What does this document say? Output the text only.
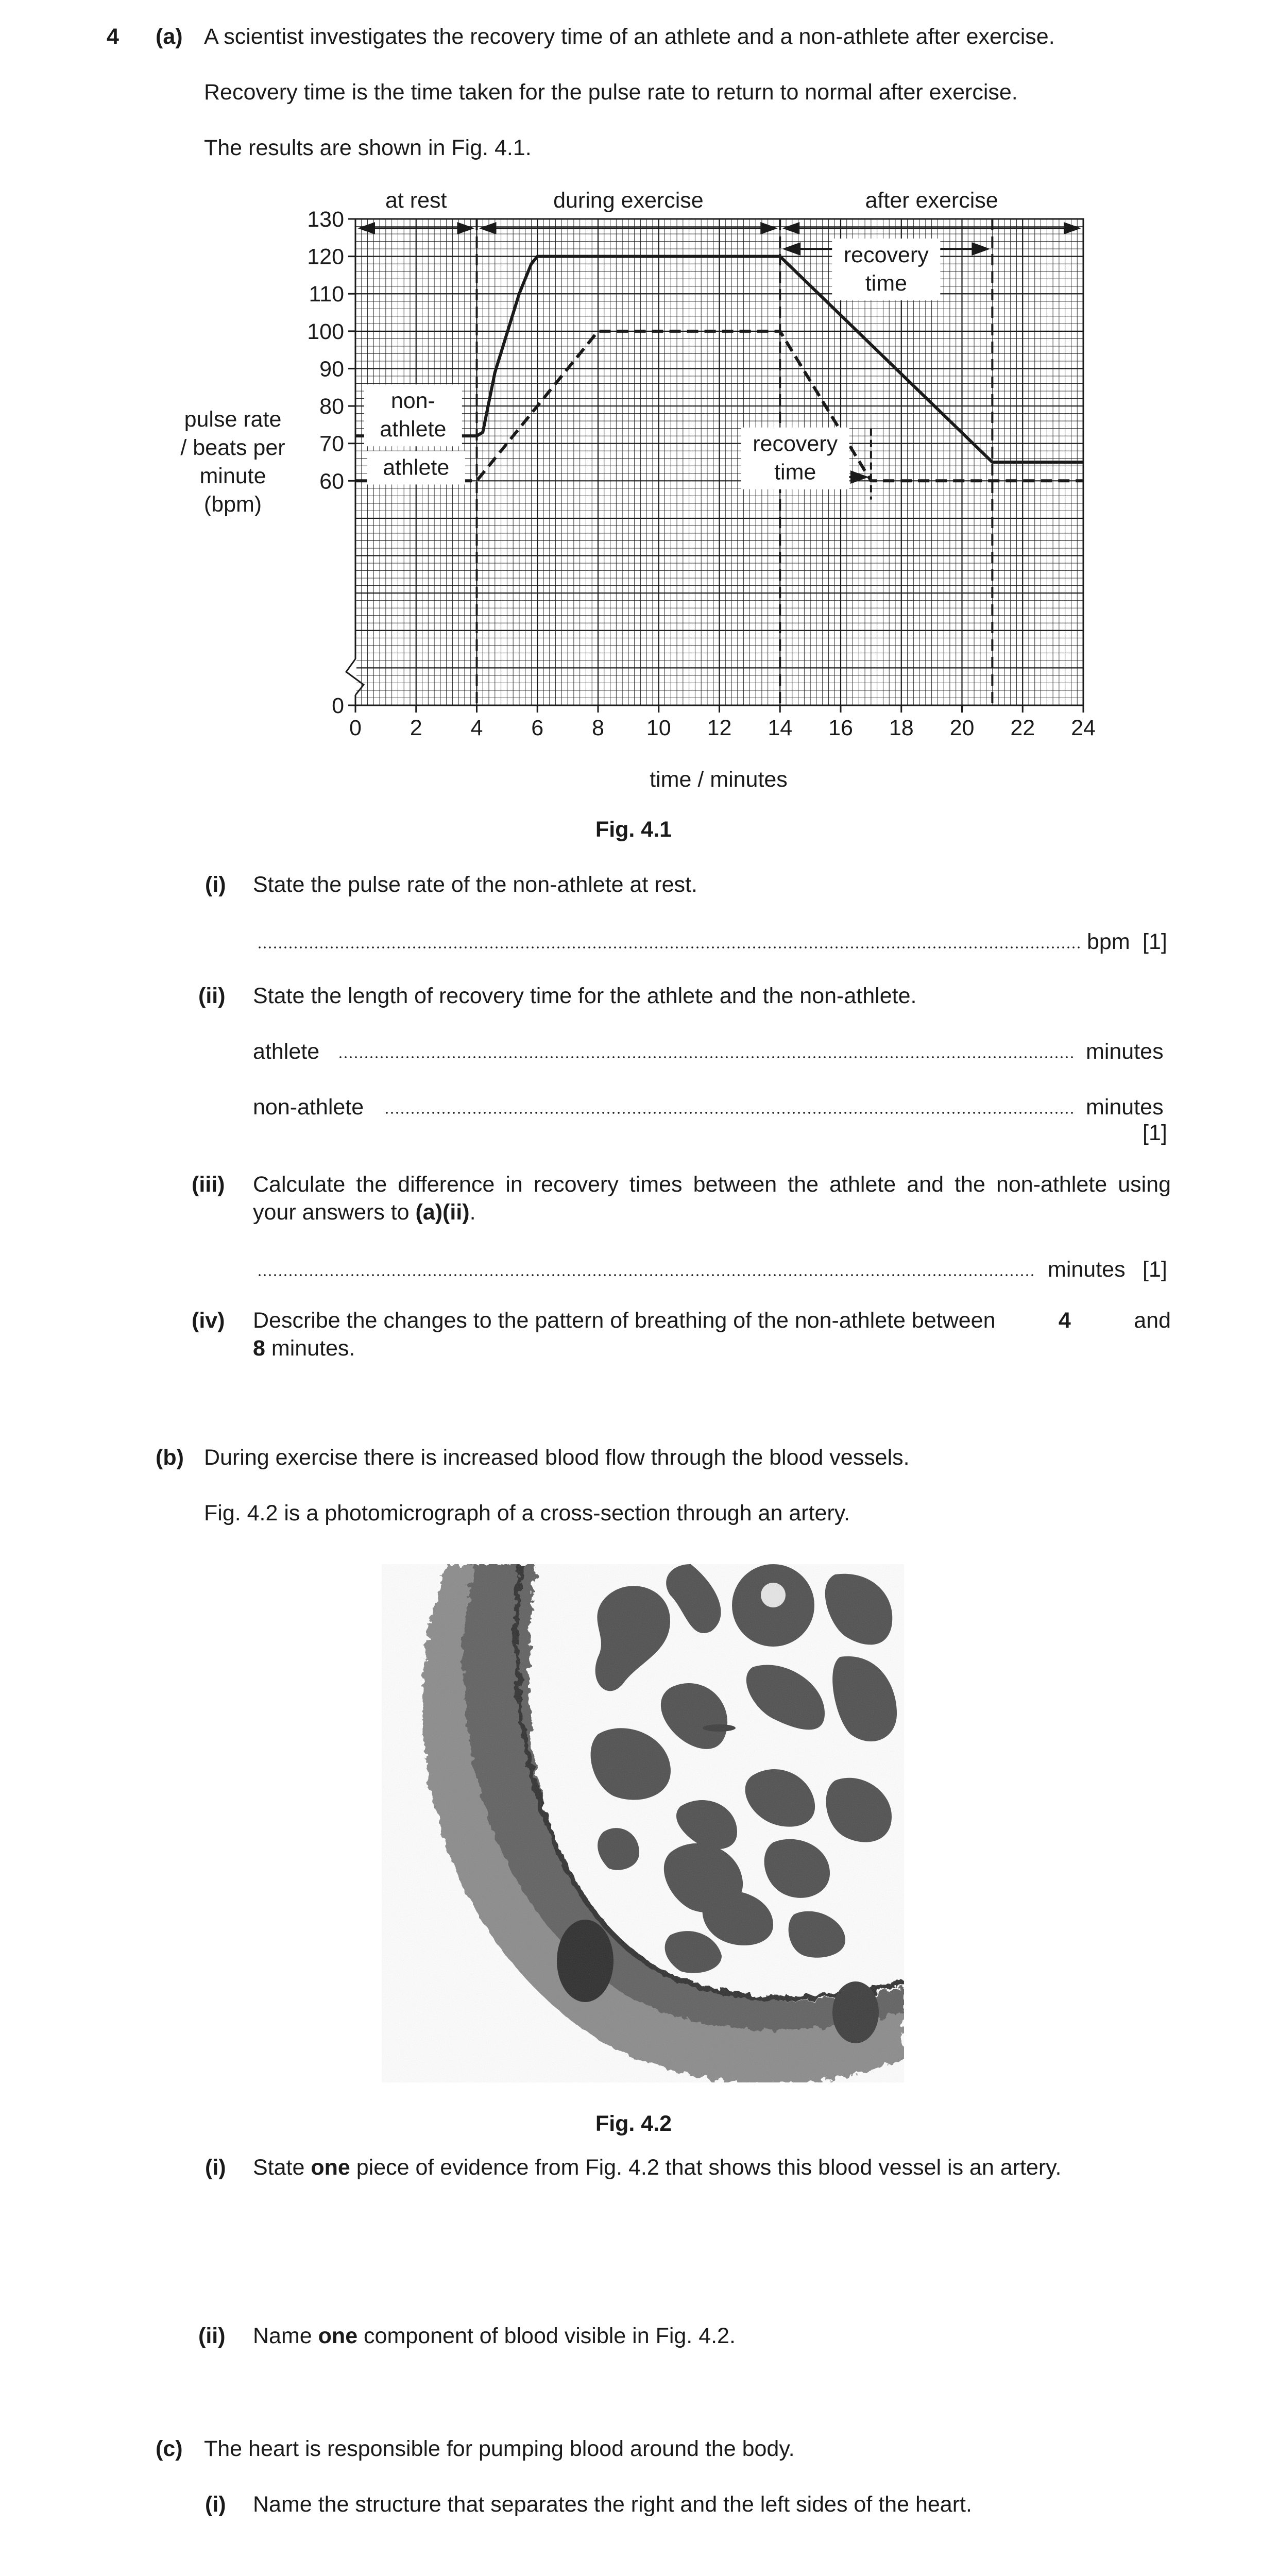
4 (a) A scientist investigates the recovery time of an athlete and a non-athlete after exercise.
Recovery time is the time taken for the pulse rate to return to normal after exercise.
The results are shown in Fig. 4.1.
0 2 4 6 8 10 12 14 16 18 20 22 24
0
60
70
80
90
100
110
120
130
time / minutes
pulse rate
/ beats per
minute
(bpm)
at rest	during exercise	after exercise
recovery
time
recovery
time
non-
athlete
athlete
Fig. 4.1
(i) State the pulse rate of the non-athlete at rest.
bpm [1]
(ii) State the length of recovery time for the athlete and the non-athlete.
athlete	minutes
non-athlete	minutes
[1]
(iii) Calculate the difference in recovery times between the athlete and the non-athlete using
your answers to (a)(ii).
minutes [1]
(iv) Describe the changes to the pattern of breathing of the non-athlete between	4	and
8 minutes.
(b) During exercise there is increased blood flow through the blood vessels.
Fig. 4.2 is a photomicrograph of a cross-section through an artery.
Fig. 4.2
(i) State one piece of evidence from Fig. 4.2 that shows this blood vessel is an artery.
(ii) Name one component of blood visible in Fig. 4.2.
(c) The heart is responsible for pumping blood around the body.
(i) Name the structure that separates the right and the left sides of the heart.
